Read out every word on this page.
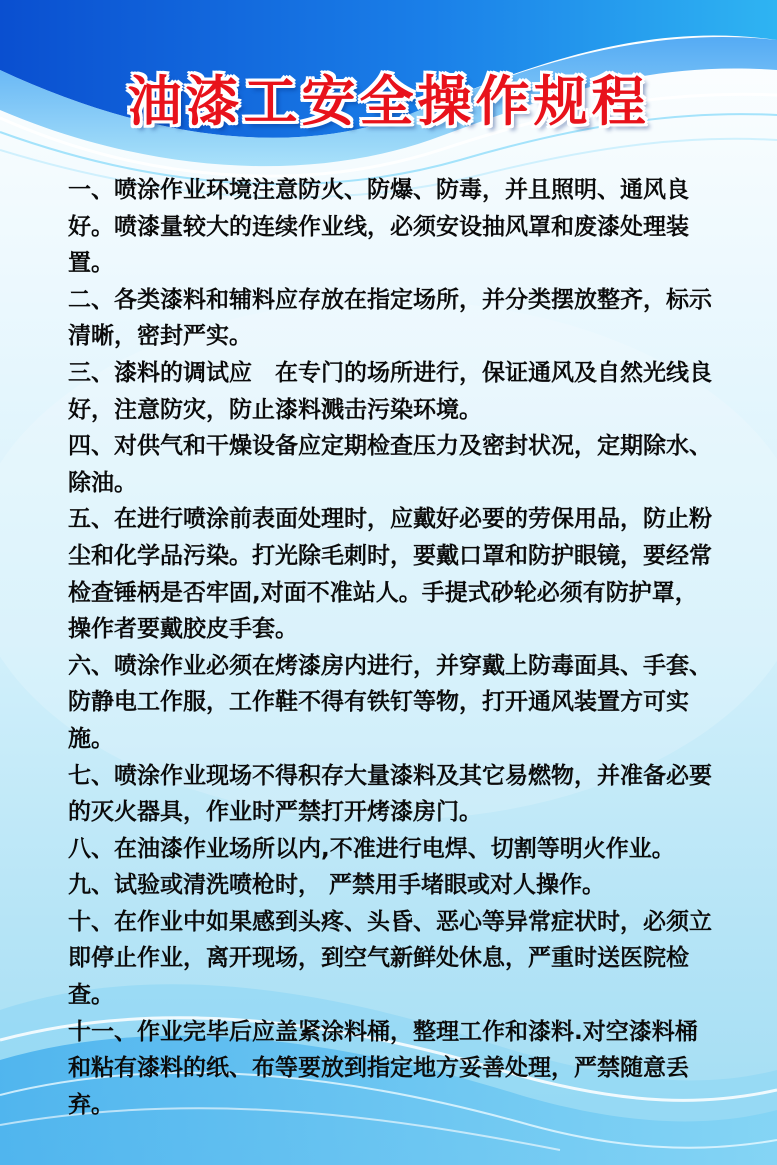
油漆工安全操作规程

一、喷涂作业环境注意防火、防爆、防毒，并且照明、通风良好。喷漆量较大的连续作业线，必须安设抽风罩和废漆处理装置。

二、各类漆料和辅料应存放在指定场所，并分类摆放整齐，标示清晰，密封严实。

三、漆料的调试应　在专门的场所进行，保证通风及自然光线良好，注意防灾，防止漆料溅击污染环境。

四、对供气和干燥设备应定期检查压力及密封状况，定期除水、除油。

五、在进行喷涂前表面处理时，应戴好必要的劳保用品，防止粉尘和化学品污染。打光除毛刺时，要戴口罩和防护眼镜，要经常检查锤柄是否牢固,对面不准站人。手提式砂轮必须有防护罩，操作者要戴胶皮手套。

六、喷涂作业必须在烤漆房内进行，并穿戴上防毒面具、手套、防静电工作服，工作鞋不得有铁钉等物，打开通风装置方可实施。

七、喷涂作业现场不得积存大量漆料及其它易燃物，并准备必要的灭火器具，作业时严禁打开烤漆房门。

八、在油漆作业场所以内,不准进行电焊、切割等明火作业。

九、试验或清洗喷枪时， 严禁用手堵眼或对人操作。

十、在作业中如果感到头疼、头昏、恶心等异常症状时，必须立即停止作业，离开现场，到空气新鲜处休息，严重时送医院检查。

十一、作业完毕后应盖紧涂料桶，整理工作和漆料.对空漆料桶和粘有漆料的纸、布等要放到指定地方妥善处理，严禁随意丢弃。
